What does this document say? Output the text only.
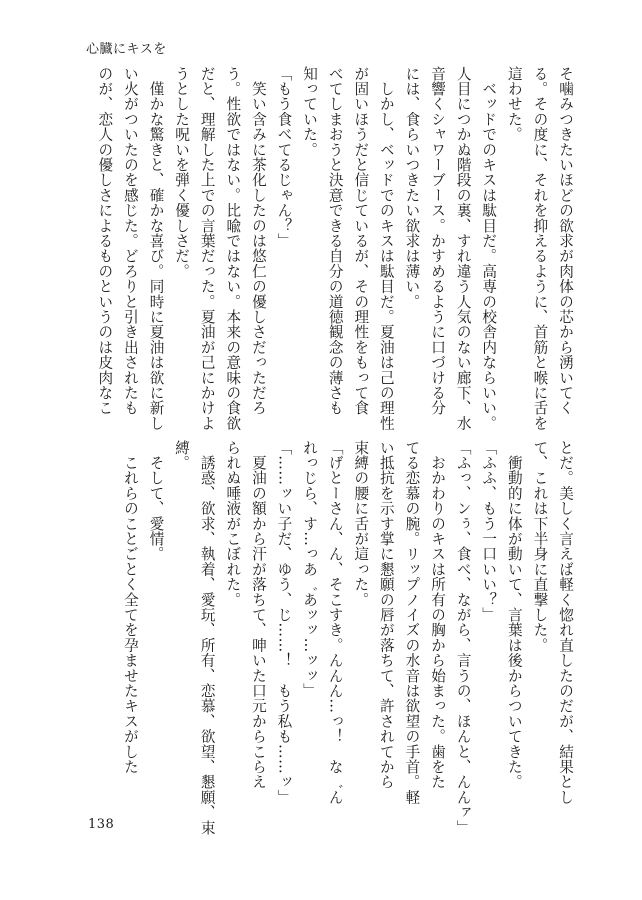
心臓にキスを
そ噛みつきたいほどの欲求が肉体の芯から湧いてく
る。その度に、それを抑えるように、首筋と喉に舌を
這わせた。
　ベッドでのキスは駄目だ。高専の校舎内ならいい。
人目につかぬ階段の裏、すれ違う人気のない廊下、水
音響くシャワーブース。かすめるように口づける分
には、食らいつきたい欲求は薄い。
　しかし、ベッドでのキスは駄目だ。夏油は己の理性
が固いほうだと信じているが、その理性をもって食
べてしまおうと決意できる自分の道徳観念の薄さも
知っていた。
「もう食べてるじゃん？」
　笑い含みに茶化したのは悠仁の優しさだっただろ
う。性欲ではない。比喩ではない。本来の意味の食欲
だと、理解した上での言葉だった。夏油が己にかけよ
うとした呪いを弾く優しさだ。
　僅かな驚きと、確かな喜び。同時に夏油は欲に新し
い火がついたのを感じた。どろりと引き出されたも
のが、恋人の優しさによるものというのは皮肉なこ
とだ。美しく言えば軽く惚れ直したのだが、結果とし
て、これは下半身に直撃した。
　衝動的に体が動いて、言葉は後からついてきた。
「ふふ、もう一口いい？」
「ふっ、ンぅ、食べ、ながら、言うの、ほんと、んんァ」
　おかわりのキスは所有の胸から始まった。歯をた
てる恋慕の腕。リップノイズの水音は欲望の手首。軽
い抵抗を示す掌に懇願の唇が落ちて、許されてから
束縛の腰に舌が這った。
「げとーさん、ん、そこすき。んんん…っ！　な゛ん
れっじら、す…っあ゛あッッ…ッッ」
「……ッい子だ、ゆう、じ……！　もう私も……ッ」
　夏油の額から汗が落ちて、呻いた口元からこらえ
られぬ唾液がこぼれた。
　誘惑、欲求、執着、愛玩、所有、恋慕、欲望、懇願、束
縛。
　そして、愛情。
　これらのことごとく全てを孕ませたキスがした
138
